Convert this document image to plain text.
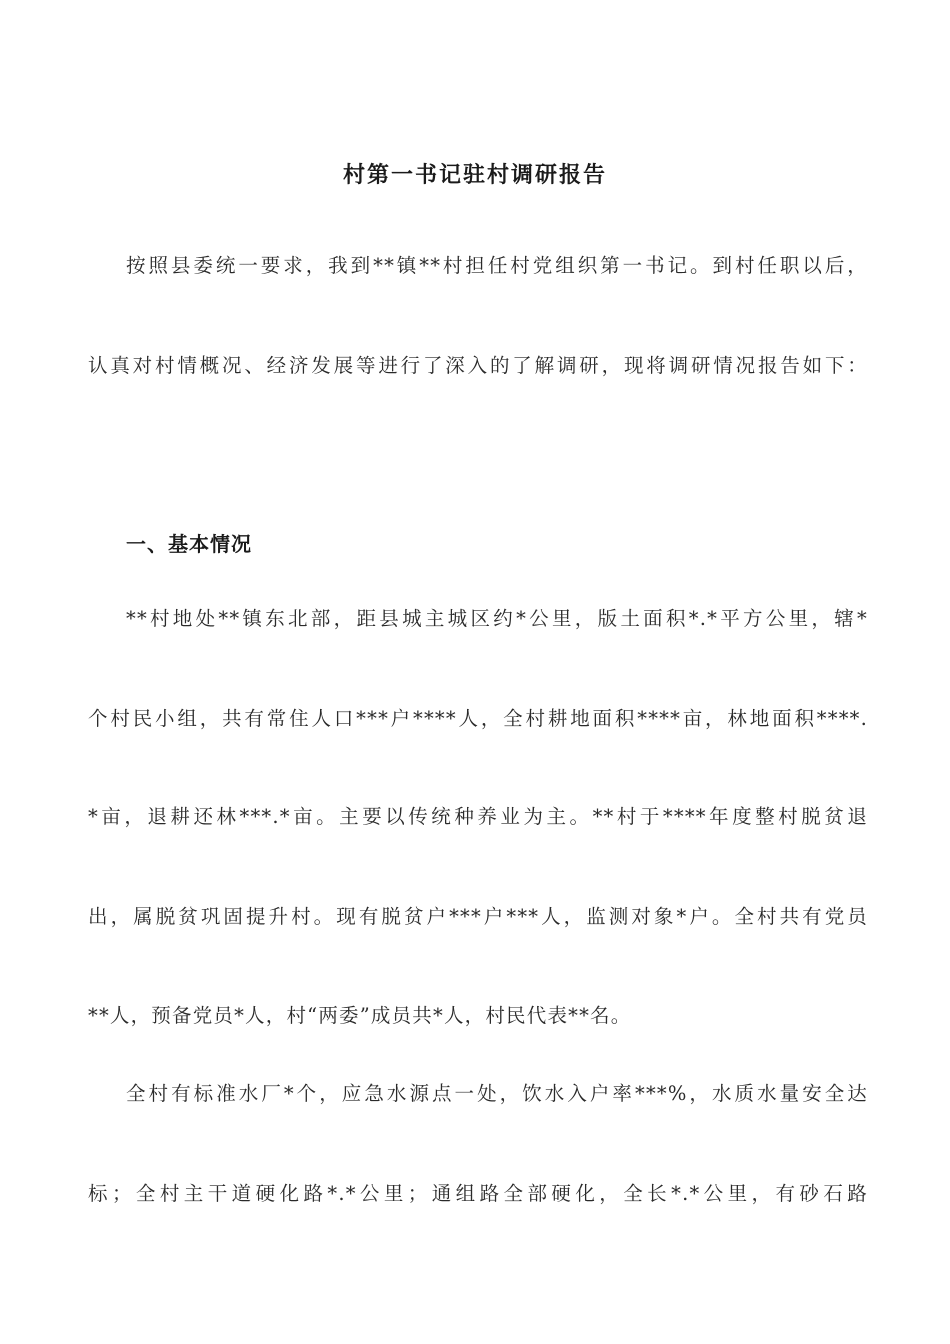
村第一书记驻村调研报告
按照县委统一要求，我到**镇**村担任村党组织第一书记。到村任职以后，
认真对村情概况、经济发展等进行了深入的了解调研，现将调研情况报告如下：
一、基本情况
**村地处**镇东北部，距县城主城区约*公里，版土面积*.*平方公里，辖*
个村民小组，共有常住人口***户****人，全村耕地面积****亩，林地面积****.
*亩，退耕还林***.*亩。主要以传统种养业为主。**村于****年度整村脱贫退
出，属脱贫巩固提升村。现有脱贫户***户***人，监测对象*户。全村共有党员
**人，预备党员*人，村“两委”成员共*人，村民代表**名。
全村有标准水厂*个，应急水源点一处，饮水入户率***%，水质水量安全达
标；全村主干道硬化路*.*公里；通组路全部硬化，全长*.*公里，有砂石路
